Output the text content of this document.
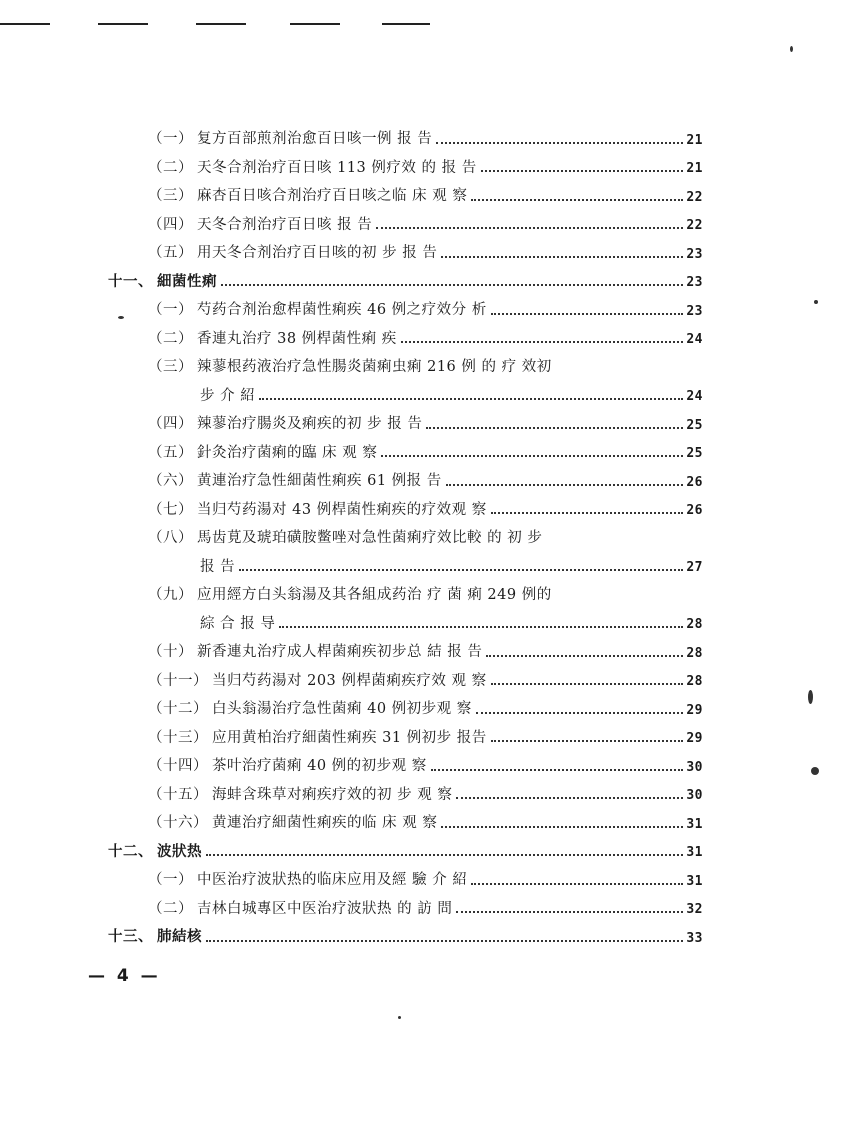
（一） 复方百部煎剂治愈百日咳一例 报 告	21
（二） 天冬合剂治疗百日咳 113 例疗效 的 报 告	21
（三） 麻杏百日咳合剂治疗百日咳之临 床 观 察	22
（四） 天冬合剂治疗百日咳 报 告	22
（五） 用天冬合剂治疗百日咳的初 步 报 告	23
十一、 細菌性痢	23
（一） 芍药合剂治愈桿菌性痢疾 46 例之疗效分 析	23
（二） 香連丸治疗 38 例桿菌性痢 疾	24
（三） 辣蓼根药液治疗急性腸炎菌痢虫痢 216 例 的 疗 效初
步 介 紹	24
（四） 辣蓼治疗腸炎及痢疾的初 步 报 告	25
（五） 針灸治疗菌痢的臨 床 观 察	25
（六） 黄連治疗急性細菌性痢疾 61 例报 告	26
（七） 当归芍药湯对 43 例桿菌性痢疾的疗效观 察	26
（八） 馬齿莧及琥珀磺胺鳖唑对急性菌痢疗效比較 的 初 步
报 告	27
（九） 应用經方白头翁湯及其各組成药治 疗 菌 痢 249 例的
綜 合 报 导	28
（十） 新香連丸治疗成人桿菌痢疾初步总 結 报 告	28
（十一） 当归芍药湯对 203 例桿菌痢疾疗效 观 察	28
（十二） 白头翁湯治疗急性菌痢 40 例初步观 察	29
（十三） 应用黄柏治疗細菌性痢疾 31 例初步 报告	29
（十四） 茶叶治疗菌痢 40 例的初步观 察	30
（十五） 海蚌含珠草对痢疾疗效的初 步 观 察	30
（十六） 黄連治疗細菌性痢疾的临 床 观 察	31
十二、 波狀热	31
（一） 中医治疗波狀热的临床应用及經 驗 介 紹	31
（二） 吉林白城專区中医治疗波狀热 的 訪 問	32
十三、 肺結核	33
— 4 —
